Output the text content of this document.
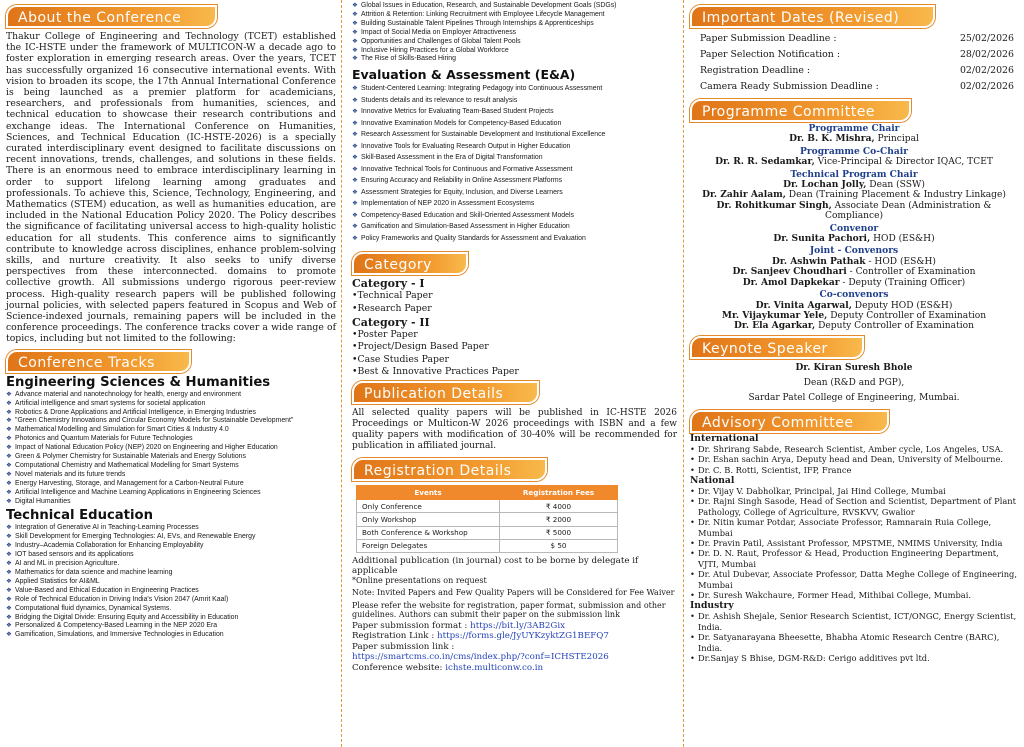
About the Conference

Thakur College of Engineering and Technology (TCET) established the IC-HSTE under the framework of MULTICON-W a decade ago to foster exploration in emerging research areas. Over the years, TCET has successfully organized 16 consecutive international events. With vision to broaden its scope, the 17th Annual International Conference is being launched as a premier platform for academicians, researchers, and professionals from humanities, sciences, and technical education to showcase their research contributions and exchange ideas. The International Conference on Humanities, Sciences, and Technical Education (IC-HSTE-2026) is a specially curated interdisciplinary event designed to facilitate discussions on recent innovations, trends, challenges, and solutions in these fields. There is an enormous need to embrace interdisciplinary learning in order to support lifelong learning among graduates and professionals. To achieve this, Science, Technology, Engineering, and Mathematics (STEM) education, as well as humanities education, are included in the National Education Policy 2020. The Policy describes the significance of facilitating universal access to high-quality holistic education for all students. This conference aims to significantly contribute to knowledge across disciplines, enhance problem-solving skills, and nurture creativity. It also seeks to unify diverse perspectives from these interconnected. domains to promote collective growth. All submissions undergo rigorous peer-review process. High-quality research papers will be published following journal policies, with selected papers featured in Scopus and Web of Science-indexed journals, remaining papers will be included in the conference proceedings. The conference tracks cover a wide range of topics, including but not limited to the following:

Conference Tracks
Engineering Sciences & Humanities
❖ Advance material and nanotechnology for health, energy and environment
❖ Artificial intelligence and smart systems for societal application
❖ Robotics & Drone Applications and Artificial Intelligence, in Emerging Industries
❖ "Green Chemistry Innovations and Circular Economy Models for Sustainable Development"
❖ Mathematical Modelling and Simulation for Smart Cities & Industry 4.0
❖ Photonics and Quantum Materials for Future Technologies
❖ Impact of National Education Policy (NEP) 2020 on Engineering and Higher Education
❖ Green & Polymer Chemistry for Sustainable Materials and Energy Solutions
❖ Computational Chemistry and Mathematical Modelling for Smart Systems
❖ Novel materials and its future trends
❖ Energy Harvesting, Storage, and Management for a Carbon-Neutral Future
❖ Artificial Intelligence and Machine Learning Applications in Engineering Sciences
❖ Digital Humanities
Technical Education
❖ Integration of Generative AI in Teaching-Learning Processes
❖ Skill Development for Emerging Technologies: AI, EVs, and Renewable Energy
❖ Industry–Academia Collaboration for Enhancing Employability
❖ IOT based sensors and its applications
❖ AI and ML in precision Agriculture.
❖ Mathematics for data science and machine learning
❖ Applied Statistics for AI&ML
❖ Value-Based and Ethical Education in Engineering Practices
❖ Role of Technical Education in Driving India's Vision 2047 (Amrit Kaal)
❖ Computational fluid dynamics, Dynamical Systems.
❖ Bridging the Digital Divide: Ensuring Equity and Accessibility in Education
❖ Personalized & Competency-Based Learning in the NEP 2020 Era
❖ Gamification, Simulations, and Immersive Technologies in Education
❖ Global Issues in Education, Research, and Sustainable Development Goals (SDGs)
❖ Attrition & Retention: Linking Recruitment with Employee Lifecycle Management
❖ Building Sustainable Talent Pipelines Through Internships & Apprenticeships
❖ Impact of Social Media on Employer Attractiveness
❖ Opportunities and Challenges of Global Talent Pools
❖ Inclusive Hiring Practices for a Global Workforce
❖ The Rise of Skills-Based Hiring
Evaluation & Assessment (E&A)
❖ Student-Centered Learning: Integrating Pedagogy into Continuous Assessment
❖ Students details and its relevance to result analysis
❖ Innovative Metrics for Evaluating Team-Based Student Projects
❖ Innovative Examination Models for Competency-Based Education
❖ Research Assessment for Sustainable Development and Institutional Excellence
❖ Innovative Tools for Evaluating Research Output in Higher Education
❖ Skill-Based Assessment in the Era of Digital Transformation
❖ Innovative Technical Tools for Continuous and Formative Assessment
❖ Ensuring Accuracy and Reliability in Online Assessment Platforms
❖ Assessment Strategies for Equity, Inclusion, and Diverse Learners
❖ Implementation of NEP 2020 in Assessment Ecosystems
❖ Competency-Based Education and Skill-Oriented Assessment Models
❖ Gamification and Simulation-Based Assessment in Higher Education
❖ Policy Frameworks and Quality Standards for Assessment and Evaluation
Category
Category - I
• Technical Paper
• Research Paper
Category - II
• Poster Paper
• Project/Design Based Paper
• Case Studies Paper
• Best & Innovative Practices Paper
Publication Details

All selected quality papers will be published in IC-HSTE 2026 Proceedings or Multicon-W 2026 proceedings with ISBN and a few quality papers with modification of 30-40% will be recommended for publication in affiliated journal.

Registration Details
Events	Registration Fees
Only Conference	₹ 4000
Only Workshop	₹ 2000
Both Conference & Workshop	₹ 5000
Foreign Delegates	$ 50
Additional publication (in journal) cost to be borne by delegate if applicable
*Online presentations on request
Note: Invited Papers and Few Quality Papers will be Considered for Fee Waiver
Please refer the website for registration, paper format, submission and other guidelines. Authors can submit their paper on the submission link
Paper submission format : https://bit.ly/3AB2Gix
Registration Link : https://forms.gle/JyUYKzyktZG1BEFQ7
Paper submission link :
https://smartcms.co.in/cms/index.php/?conf=ICHSTE2026
Conference website: ichste.multiconw.co.in
Important Dates (Revised)
Paper Submission Deadline :	25/02/2026
Paper Selection Notification :	28/02/2026
Registration Deadline :	02/02/2026
Camera Ready Submission Deadline :	02/02/2026
Programme Committee
Programme Chair
Dr. B. K. Mishra, Principal
Programme Co-Chair
Dr. R. R. Sedamkar, Vice-Principal & Director IQAC, TCET
Technical Program Chair
Dr. Lochan Jolly, Dean (SSW)
Dr. Zahir Aalam, Dean (Training Placement & Industry Linkage)
Dr. Rohitkumar Singh, Associate Dean (Administration & Compliance)
Convenor
Dr. Sunita Pachori, HOD (ES&H)
Joint - Convenors
Dr. Ashwin Pathak - HOD (ES&H)
Dr. Sanjeev Choudhari - Controller of Examination
Dr. Amol Dapkekar - Deputy (Training Officer)
Co-convenors
Dr. Vinita Agarwal, Deputy HOD (ES&H)
Mr. Vijaykumar Yele, Deputy Controller of Examination
Dr. Ela Agarkar, Deputy Controller of Examination
Keynote Speaker
Dr. Kiran Suresh Bhole
Dean (R&D and PGP),
Sardar Patel College of Engineering, Mumbai.
Advisory Committee
International
• Dr. Shrirang Sabde, Research Scientist, Amber cycle, Los Angeles, USA.
• Dr. Eshan sachin Arya, Deputy head and Dean, University of Melbourne.
• Dr. C. B. Rotti, Scientist, IFP, France
National
• Dr. Vijay V. Dabholkar, Principal, Jai Hind College, Mumbai
• Dr. Rajni Singh Sasode, Head of Section and Scientist, Department of Plant Pathology, College of Agriculture, RVSKVV, Gwalior
• Dr. Nitin kumar Potdar, Associate Professor, Ramnarain Ruia College, Mumbai
• Dr. Pravin Patil, Assistant Professor, MPSTME, NMIMS University, India
• Dr. D. N. Raut, Professor & Head, Production Engineering Department, VJTI, Mumbai
• Dr. Atul Dubevar, Associate Professor, Datta Meghe College of Engineering, Mumbai
• Dr. Suresh Wakchaure, Former Head, Mithibai College, Mumbai.
Industry
• Dr. Ashish Shejale, Senior Research Scientist, ICT/ONGC, Energy Scientist, India.
• Dr. Satyanarayana Bheesette, Bhabha Atomic Research Centre (BARC), India.
• Dr.Sanjay S Bhise, DGM-R&D: Cerigo additives pvt ltd.
